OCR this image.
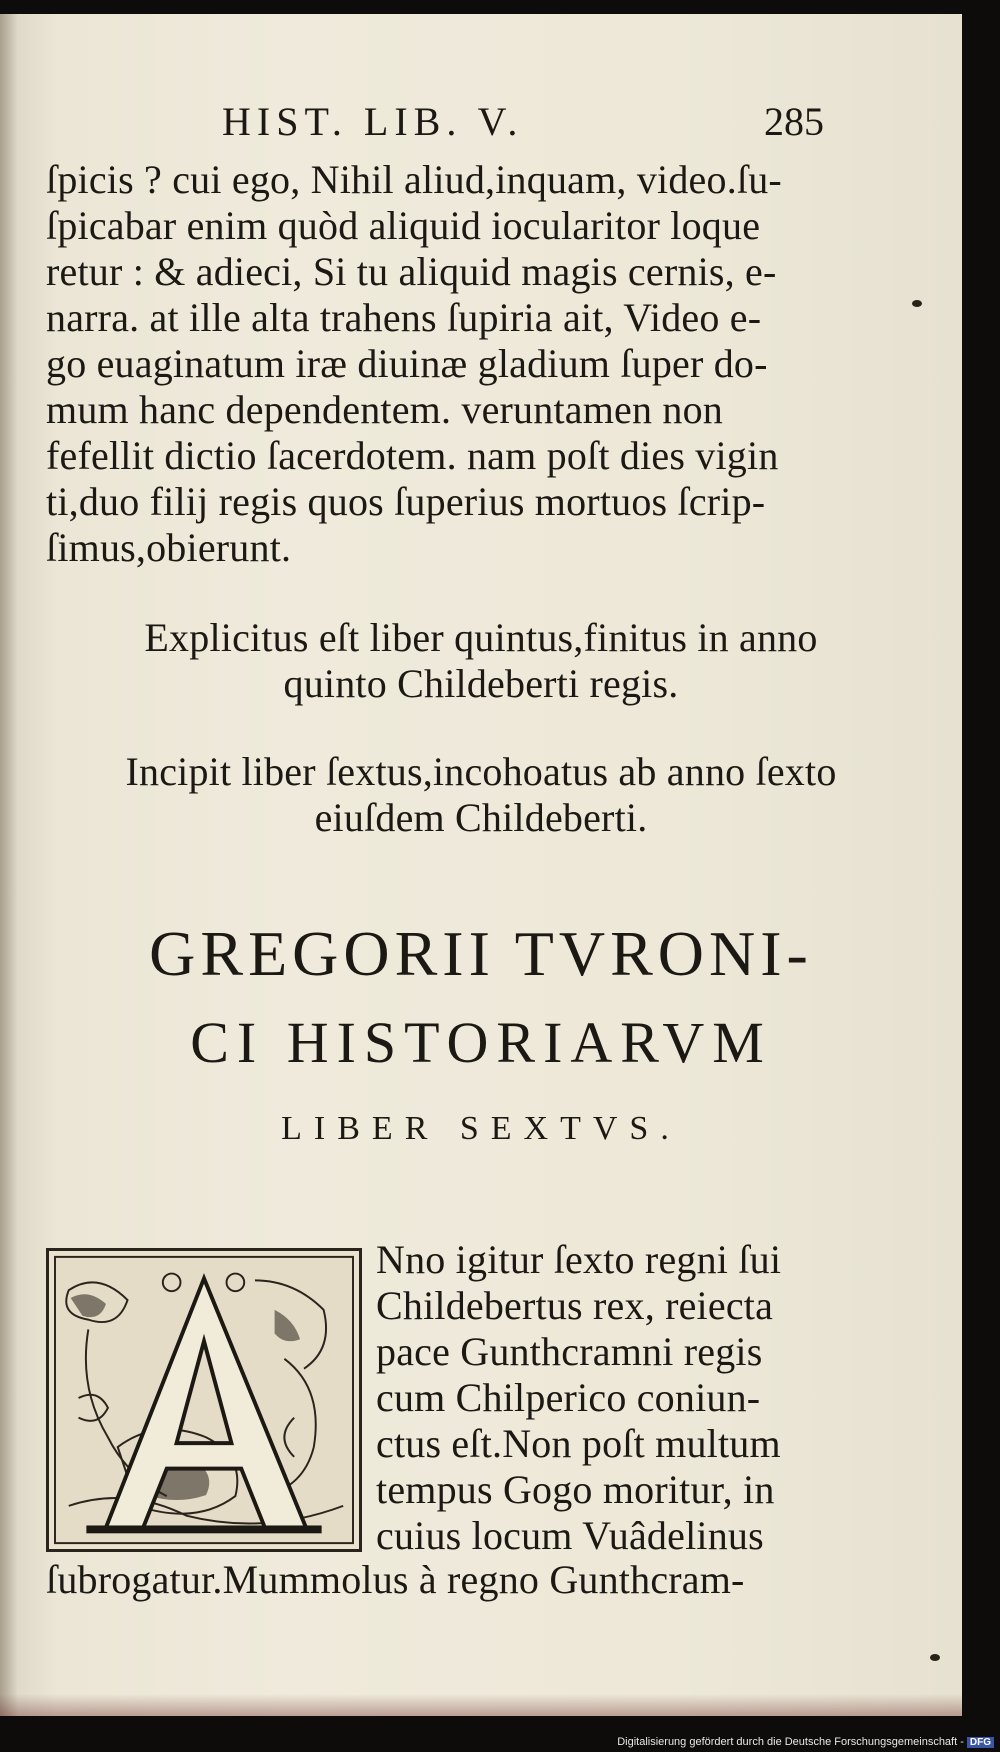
HIST. LIB. V.	285

ſpicis ? cui ego, Nihil aliud,inquam, video.ſu-

ſpicabar enim quòd aliquid iocularitor loque

retur : & adieci, Si tu aliquid magis cernis, e-

narra. at ille alta trahens ſupiria ait, Video e-

go euaginatum iræ diuinæ gladium ſuper do-

mum hanc dependentem. veruntamen non

fefellit dictio ſacerdotem. nam poſt dies vigin

ti,duo filij regis quos ſuperius mortuos ſcrip-

ſimus,obierunt.

Explicitus eſt liber quintus,finitus in anno

quinto Childeberti regis.

Incipit liber ſextus,incohoatus ab anno ſexto

eiuſdem Childeberti.

GREGORII TVRONI-

CI HISTORIARVM

LIBER SEXTVS.

Nno igitur ſexto regni ſui

Childebertus rex, reiecta

pace Gunthcramni regis

cum Chilperico coniun-

ctus eſt.Non poſt multum

tempus Gogo moritur, in

cuius locum Vuâdelinus

ſubrogatur.Mummolus à regno Gunthcram-

Digitalisierung gefördert durch die Deutsche Forschungsgemeinschaft - DFG
